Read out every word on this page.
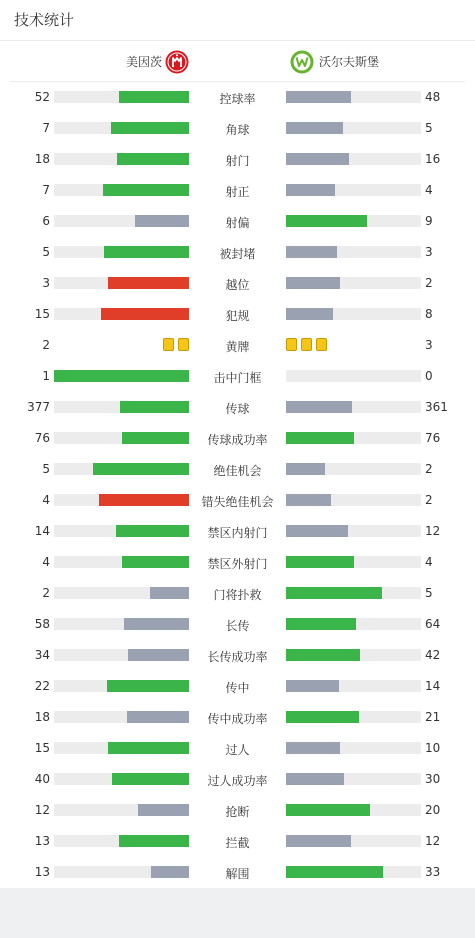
技术统计
美因茨	沃尔夫斯堡
52	控球率	48
7	角球	5
18	射门	16
7	射正	4
6	射偏	9
5	被封堵	3
3	越位	2
15	犯规	8
2	黄牌	3
1	击中门框	0
377	传球	361
76	传球成功率	76
5	绝佳机会	2
4	错失绝佳机会	2
14	禁区内射门	12
4	禁区外射门	4
2	门将扑救	5
58	长传	64
34	长传成功率	42
22	传中	14
18	传中成功率	21
15	过人	10
40	过人成功率	30
12	抢断	20
13	拦截	12
13	解围	33
